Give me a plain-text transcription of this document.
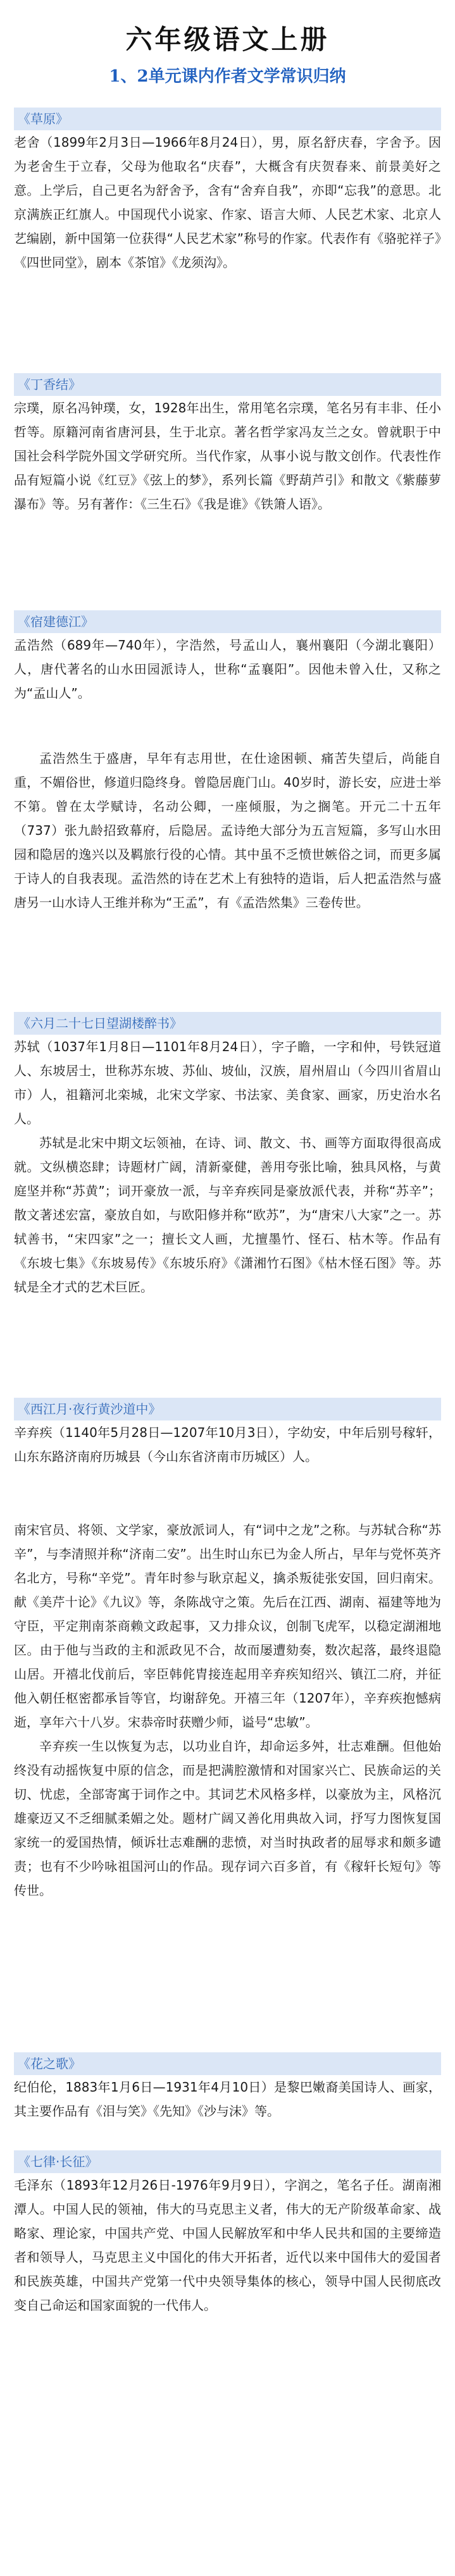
六年级语文上册
1、2单元课内作者文学常识归纳
《草原》

老舍（1899年2月3日—1966年8月24日），男，原名舒庆春，字舍予。因为老舍生于立春，父母为他取名“庆春”，大概含有庆贺春来、前景美好之意。上学后，自己更名为舒舍予，含有“舍弃自我”，亦即“忘我”的意思。北京满族正红旗人。中国现代小说家、作家、语言大师、人民艺术家、北京人艺编剧，新中国第一位获得“人民艺术家”称号的作家。代表作有《骆驼祥子》《四世同堂》，剧本《茶馆》《龙须沟》。

《丁香结》

宗璞，原名冯钟璞，女，1928年出生，常用笔名宗璞，笔名另有丰非、任小哲等。原籍河南省唐河县，生于北京。著名哲学家冯友兰之女。曾就职于中国社会科学院外国文学研究所。当代作家，从事小说与散文创作。代表性作品有短篇小说《红豆》《弦上的梦》，系列长篇《野葫芦引》和散文《紫藤萝瀑布》等。另有著作：《三生石》《我是谁》《铁箫人语》。

《宿建德江》

孟浩然（689年—740年），字浩然，号孟山人，襄州襄阳（今湖北襄阳）人，唐代著名的山水田园派诗人，世称“孟襄阳”。因他未曾入仕，又称之为“孟山人”。

孟浩然生于盛唐，早年有志用世，在仕途困顿、痛苦失望后，尚能自重，不媚俗世，修道归隐终身。曾隐居鹿门山。40岁时，游长安，应进士举不第。曾在太学赋诗，名动公卿，一座倾服，为之搁笔。开元二十五年（737）张九龄招致幕府，后隐居。孟诗绝大部分为五言短篇，多写山水田园和隐居的逸兴以及羁旅行役的心情。其中虽不乏愤世嫉俗之词，而更多属于诗人的自我表现。孟浩然的诗在艺术上有独特的造诣，后人把孟浩然与盛唐另一山水诗人王维并称为“王孟”，有《孟浩然集》三卷传世。

《六月二十七日望湖楼醉书》

苏轼（1037年1月8日—1101年8月24日），字子瞻，一字和仲，号铁冠道人、东坡居士，世称苏东坡、苏仙、坡仙，汉族，眉州眉山（今四川省眉山市）人，祖籍河北栾城，北宋文学家、书法家、美食家、画家，历史治水名人。

苏轼是北宋中期文坛领袖，在诗、词、散文、书、画等方面取得很高成就。文纵横恣肆；诗题材广阔，清新豪健，善用夸张比喻，独具风格，与黄庭坚并称“苏黄”；词开豪放一派，与辛弃疾同是豪放派代表，并称“苏辛”；散文著述宏富，豪放自如，与欧阳修并称“欧苏”，为“唐宋八大家”之一。苏轼善书，“宋四家”之一；擅长文人画，尤擅墨竹、怪石、枯木等。作品有《东坡七集》《东坡易传》《东坡乐府》《潇湘竹石图》《枯木怪石图》等。苏轼是全才式的艺术巨匠。

《西江月·夜行黄沙道中》

辛弃疾（1140年5月28日—1207年10月3日），字幼安，中年后别号稼轩，山东东路济南府历城县（今山东省济南市历城区）人。

南宋官员、将领、文学家，豪放派词人，有“词中之龙”之称。与苏轼合称“苏辛”，与李清照并称“济南二安”。出生时山东已为金人所占，早年与党怀英齐名北方，号称“辛党”。青年时参与耿京起义，擒杀叛徒张安国，回归南宋。献《美芹十论》《九议》等，条陈战守之策。先后在江西、湖南、福建等地为守臣，平定荆南茶商赖文政起事，又力排众议，创制飞虎军，以稳定湖湘地区。由于他与当政的主和派政见不合，故而屡遭劾奏，数次起落，最终退隐山居。开禧北伐前后，宰臣韩侂胄接连起用辛弃疾知绍兴、镇江二府，并征他入朝任枢密都承旨等官，均谢辞免。开禧三年（1207年），辛弃疾抱憾病逝，享年六十八岁。宋恭帝时获赠少师，谥号“忠敏”。

辛弃疾一生以恢复为志，以功业自许，却命运多舛，壮志难酬。但他始终没有动摇恢复中原的信念，而是把满腔激情和对国家兴亡、民族命运的关切、忧虑，全部寄寓于词作之中。其词艺术风格多样，以豪放为主，风格沉雄豪迈又不乏细腻柔媚之处。题材广阔又善化用典故入词，抒写力图恢复国家统一的爱国热情，倾诉壮志难酬的悲愤，对当时执政者的屈辱求和颇多谴责；也有不少吟咏祖国河山的作品。现存词六百多首，有《稼轩长短句》等传世。

《花之歌》

纪伯伦，1883年1月6日—1931年4月10日）是黎巴嫩裔美国诗人、画家，其主要作品有《泪与笑》《先知》《沙与沫》等。

《七律·长征》

毛泽东（1893年12月26日-1976年9月9日），字润之，笔名子任。湖南湘潭人。中国人民的领袖，伟大的马克思主义者，伟大的无产阶级革命家、战略家、理论家，中国共产党、中国人民解放军和中华人民共和国的主要缔造者和领导人，马克思主义中国化的伟大开拓者，近代以来中国伟大的爱国者和民族英雄，中国共产党第一代中央领导集体的核心，领导中国人民彻底改变自己命运和国家面貌的一代伟人。
